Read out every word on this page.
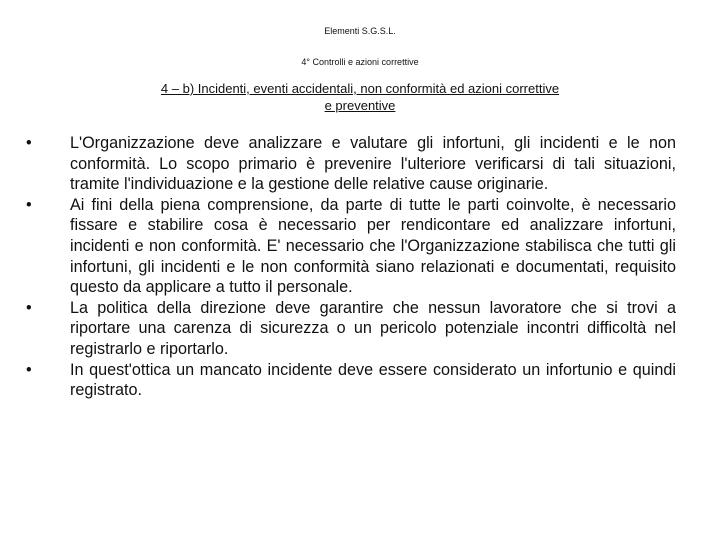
Elementi S.G.S.L.
4° Controlli e azioni correttive
4 – b) Incidenti, eventi accidentali, non conformità ed azioni correttive e preventive
•	L'Organizzazione deve analizzare e valutare gli infortuni, gli incidenti e le non conformità. Lo scopo primario è prevenire l'ulteriore verificarsi di tali situazioni, tramite l'individuazione e la gestione delle relative cause originarie.
•	Ai fini della piena comprensione, da parte di tutte le parti coinvolte, è necessario fissare e stabilire cosa è necessario per rendicontare ed analizzare infortuni, incidenti e non conformità. E' necessario che l'Organizzazione stabilisca che tutti gli infortuni, gli incidenti e le non conformità siano relazionati e documentati, requisito questo da applicare a tutto il personale.
•	La politica della direzione deve garantire che nessun lavoratore che si trovi a riportare una carenza di sicurezza o un pericolo potenziale incontri difficoltà nel registrarlo e riportarlo.
•	In quest'ottica un mancato incidente deve essere considerato un infortunio e quindi registrato.
